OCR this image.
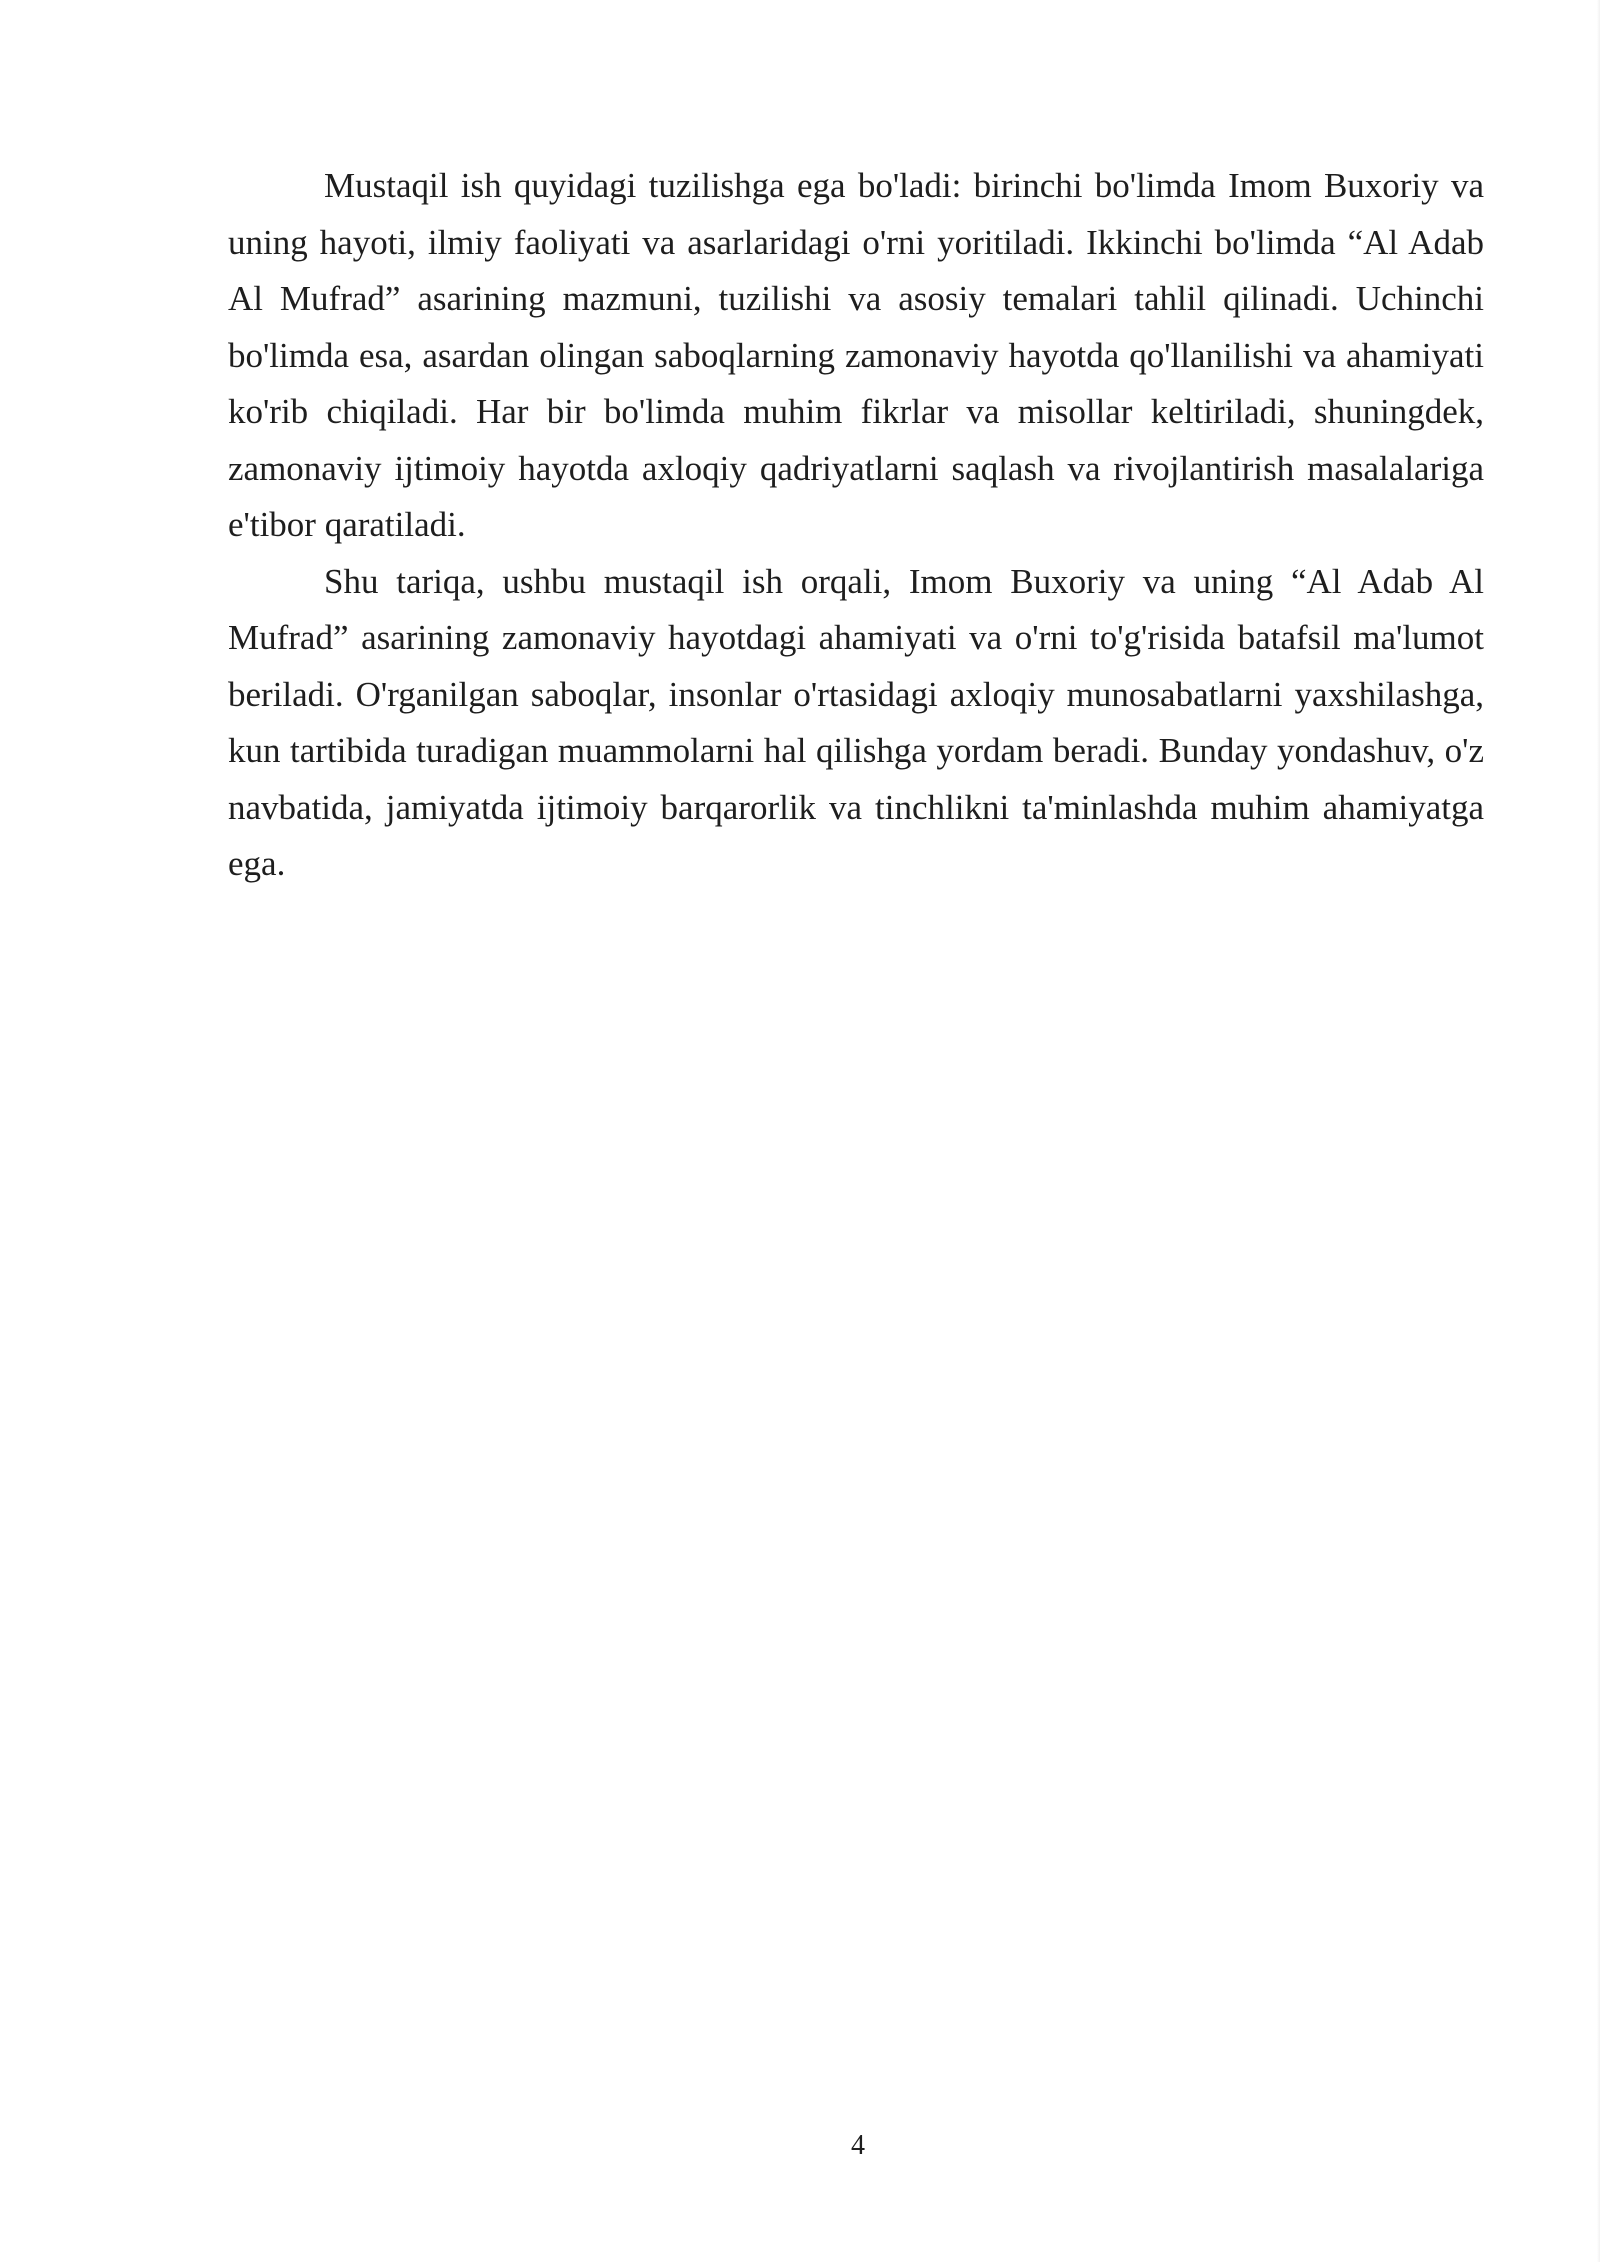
Mustaqil ish quyidagi tuzilishga ega bo'ladi: birinchi bo'limda Imom Buxoriy va uning hayoti, ilmiy faoliyati va asarlaridagi o'rni yoritiladi. Ikkinchi bo'limda “Al Adab Al Mufrad” asarining mazmuni, tuzilishi va asosiy temalari tahlil qilinadi. Uchinchi bo'limda esa, asardan olingan saboqlarning zamonaviy hayotda qo'llanilishi va ahamiyati ko'rib chiqiladi. Har bir bo'limda muhim fikrlar va misollar keltiriladi, shuningdek, zamonaviy ijtimoiy hayotda axloqiy qadriyatlarni saqlash va rivojlantirish masalalariga e'tibor qaratiladi.

Shu tariqa, ushbu mustaqil ish orqali, Imom Buxoriy va uning “Al Adab Al Mufrad” asarining zamonaviy hayotdagi ahamiyati va o'rni to'g'risida batafsil ma'lumot beriladi. O'rganilgan saboqlar, insonlar o'rtasidagi axloqiy munosabatlarni yaxshilashga, kun tartibida turadigan muammolarni hal qilishga yordam beradi. Bunday yondashuv, o'z navbatida, jamiyatda ijtimoiy barqarorlik va tinchlikni ta'minlashda muhim ahamiyatga ega.

4
